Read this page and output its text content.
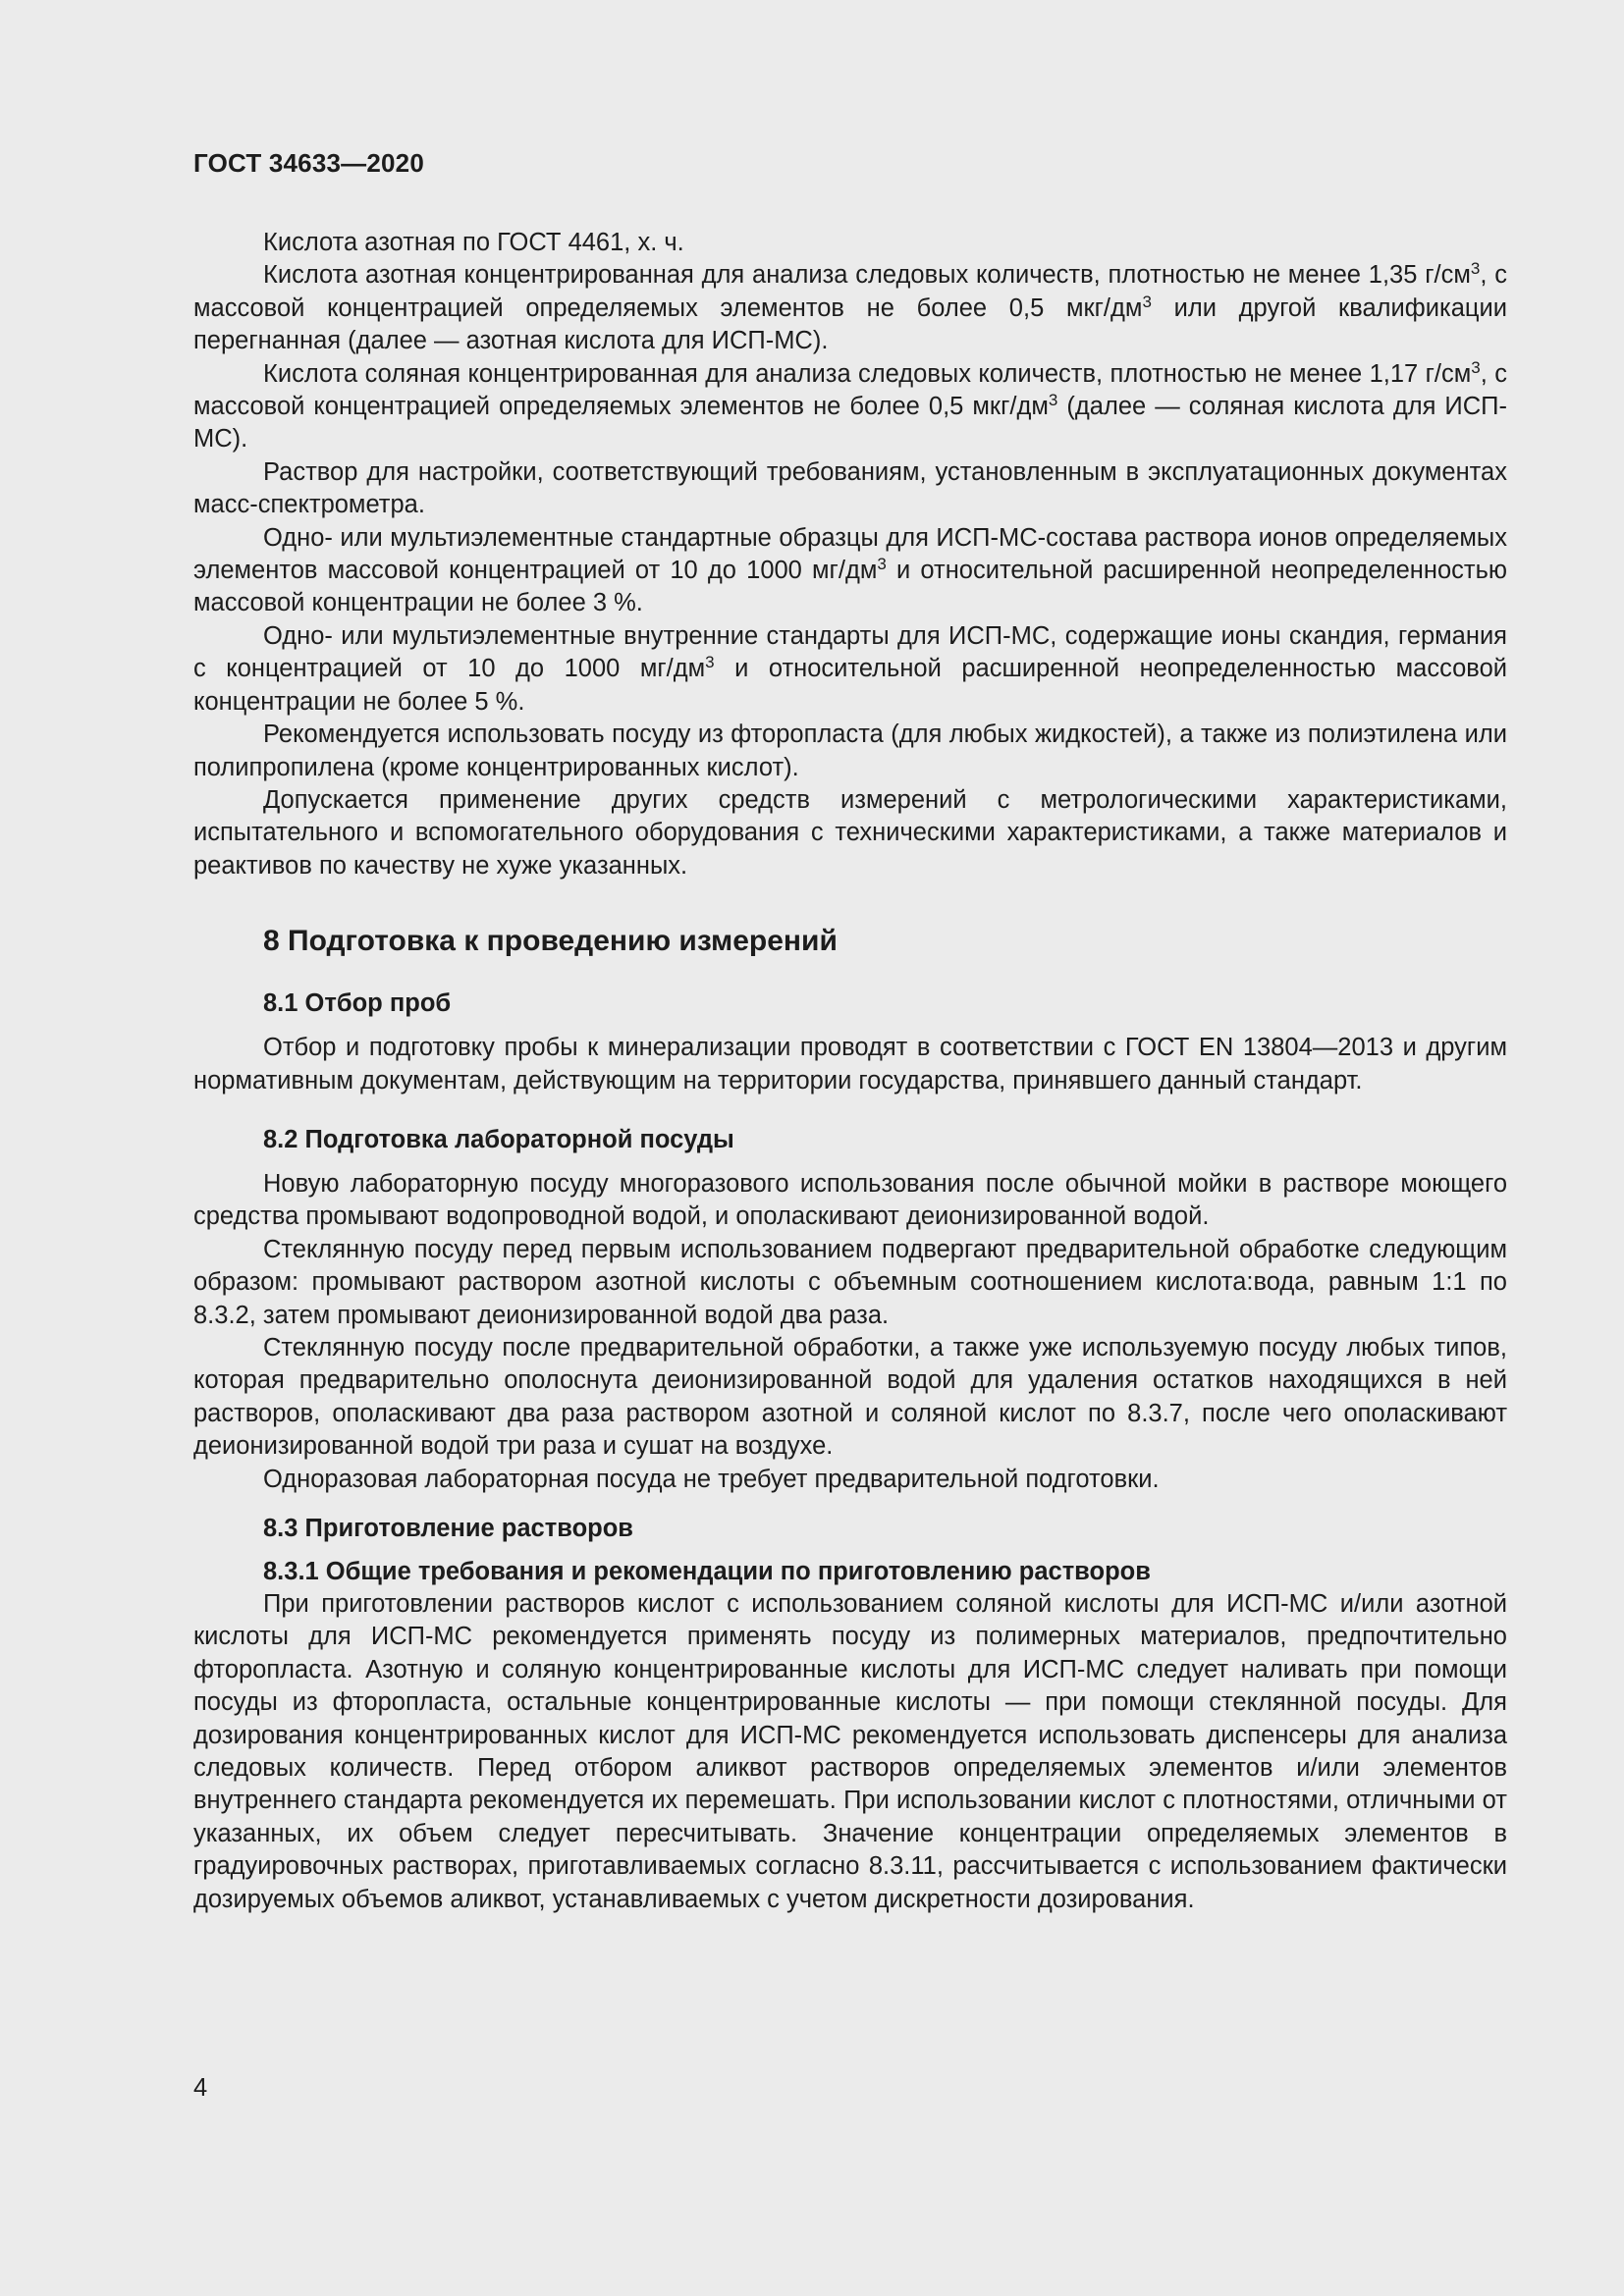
ГОСТ 34633—2020

Кислота азотная по ГОСТ 4461, х. ч.

Кислота азотная концентрированная для анализа следовых количеств, плотностью не менее 1,35 $г/см^3$, с массовой концентрацией определяемых элементов не более 0,5 мкг/$дм^3$ или другой квалификации перегнанная (далее — азотная кислота для ИСП-МС).

Кислота соляная концентрированная для анализа следовых количеств, плотностью не менее 1,17 $г/см^3$, с массовой концентрацией определяемых элементов не более 0,5 мкг/$дм^3$ (далее — соляная кислота для ИСП-МС).

Раствор для настройки, соответствующий требованиям, установленным в эксплуатационных документах масс-спектрометра.

Одно- или мультиэлементные стандартные образцы для ИСП-МС-состава раствора ионов определяемых элементов массовой концентрацией от 10 до 1000 $мг/дм^3$ и относительной расширенной неопределенностью массовой концентрации не более 3 %.

Одно- или мультиэлементные внутренние стандарты для ИСП-МС, содержащие ионы скандия, германия с концентрацией от 10 до 1000 $мг/дм^3$ и относительной расширенной неопределенностью массовой концентрации не более 5 %.

Рекомендуется использовать посуду из фторопласта (для любых жидкостей), а также из полиэтилена или полипропилена (кроме концентрированных кислот).

Допускается применение других средств измерений с метрологическими характеристиками, испытательного и вспомогательного оборудования с техническими характеристиками, а также материалов и реактивов по качеству не хуже указанных.

8 Подготовка к проведению измерений
8.1 Отбор проб

Отбор и подготовку пробы к минерализации проводят в соответствии с ГОСТ EN 13804—2013 и другим нормативным документам, действующим на территории государства, принявшего данный стандарт.

8.2 Подготовка лабораторной посуды

Новую лабораторную посуду многоразового использования после обычной мойки в растворе моющего средства промывают водопроводной водой, и ополаскивают деионизированной водой.

Стеклянную посуду перед первым использованием подвергают предварительной обработке следующим образом: промывают раствором азотной кислоты с объемным соотношением кислота:вода, равным 1:1 по 8.3.2, затем промывают деионизированной водой два раза.

Стеклянную посуду после предварительной обработки, а также уже используемую посуду любых типов, которая предварительно ополоснута деионизированной водой для удаления остатков находящихся в ней растворов, ополаскивают два раза раствором азотной и соляной кислот по 8.3.7, после чего ополаскивают деионизированной водой три раза и сушат на воздухе.

Одноразовая лабораторная посуда не требует предварительной подготовки.

8.3 Приготовление растворов
8.3.1 Общие требования и рекомендации по приготовлению растворов

При приготовлении растворов кислот с использованием соляной кислоты для ИСП-МС и/или азотной кислоты для ИСП-МС рекомендуется применять посуду из полимерных материалов, предпочтительно фторопласта. Азотную и соляную концентрированные кислоты для ИСП-МС следует наливать при помощи посуды из фторопласта, остальные концентрированные кислоты — при помощи стеклянной посуды. Для дозирования концентрированных кислот для ИСП-МС рекомендуется использовать диспенсеры для анализа следовых количеств. Перед отбором аликвот растворов определяемых элементов и/или элементов внутреннего стандарта рекомендуется их перемешать. При использовании кислот с плотностями, отличными от указанных, их объем следует пересчитывать. Значение концентрации определяемых элементов в градуировочных растворах, приготавливаемых согласно 8.3.11, рассчитывается с использованием фактически дозируемых объемов аликвот, устанавливаемых с учетом дискретности дозирования.

4
